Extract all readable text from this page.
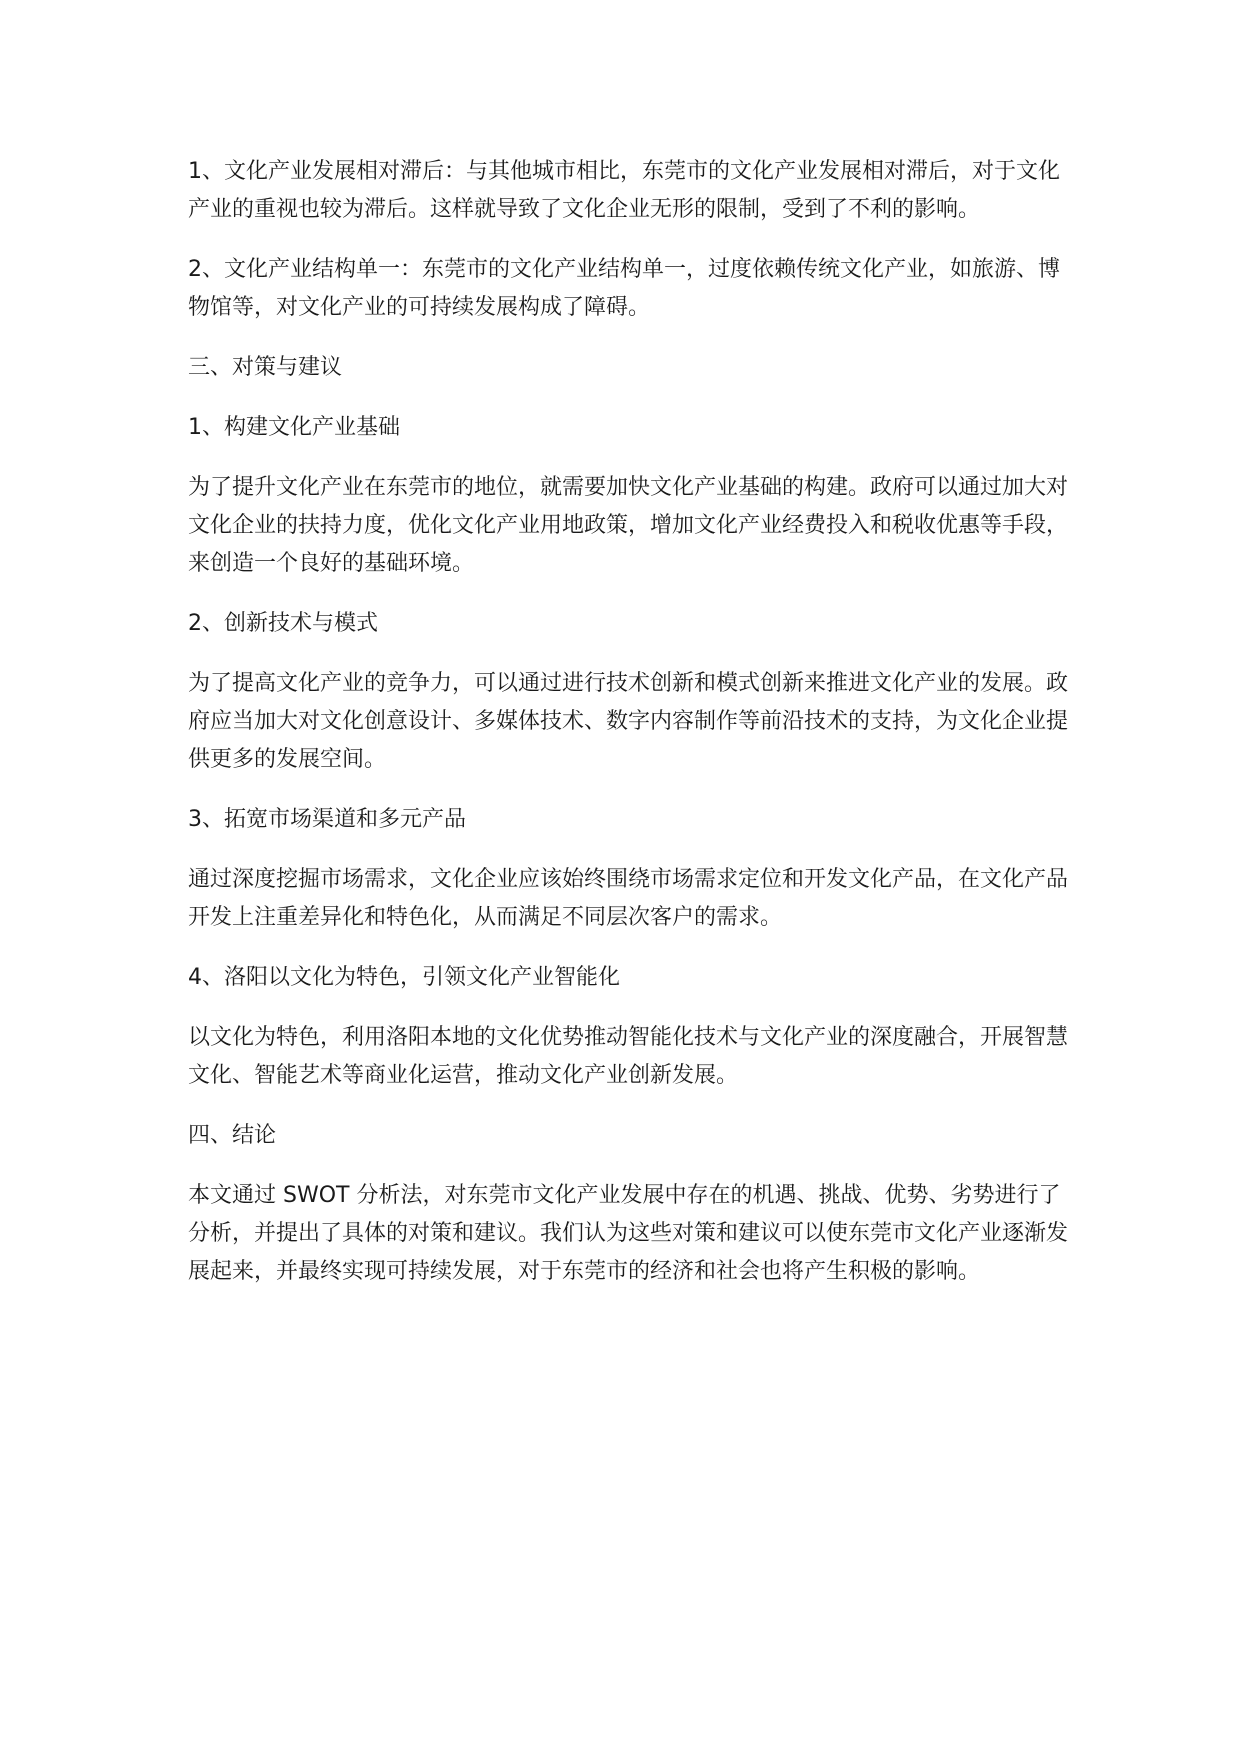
1、文化产业发展相对滞后：与其他城市相比，东莞市的文化产业发展相对滞后，对于文化产业的重视也较为滞后。这样就导致了文化企业无形的限制，受到了不利的影响。

2、文化产业结构单一：东莞市的文化产业结构单一，过度依赖传统文化产业，如旅游、博物馆等，对文化产业的可持续发展构成了障碍。

三、对策与建议

1、构建文化产业基础

为了提升文化产业在东莞市的地位，就需要加快文化产业基础的构建。政府可以通过加大对文化企业的扶持力度，优化文化产业用地政策，增加文化产业经费投入和税收优惠等手段，来创造一个良好的基础环境。

2、创新技术与模式

为了提高文化产业的竞争力，可以通过进行技术创新和模式创新来推进文化产业的发展。政府应当加大对文化创意设计、多媒体技术、数字内容制作等前沿技术的支持，为文化企业提供更多的发展空间。

3、拓宽市场渠道和多元产品

通过深度挖掘市场需求，文化企业应该始终围绕市场需求定位和开发文化产品，在文化产品开发上注重差异化和特色化，从而满足不同层次客户的需求。

4、洛阳以文化为特色，引领文化产业智能化

以文化为特色，利用洛阳本地的文化优势推动智能化技术与文化产业的深度融合，开展智慧文化、智能艺术等商业化运营，推动文化产业创新发展。

四、结论

本文通过 SWOT 分析法，对东莞市文化产业发展中存在的机遇、挑战、优势、劣势进行了分析，并提出了具体的对策和建议。我们认为这些对策和建议可以使东莞市文化产业逐渐发展起来，并最终实现可持续发展，对于东莞市的经济和社会也将产生积极的影响。
